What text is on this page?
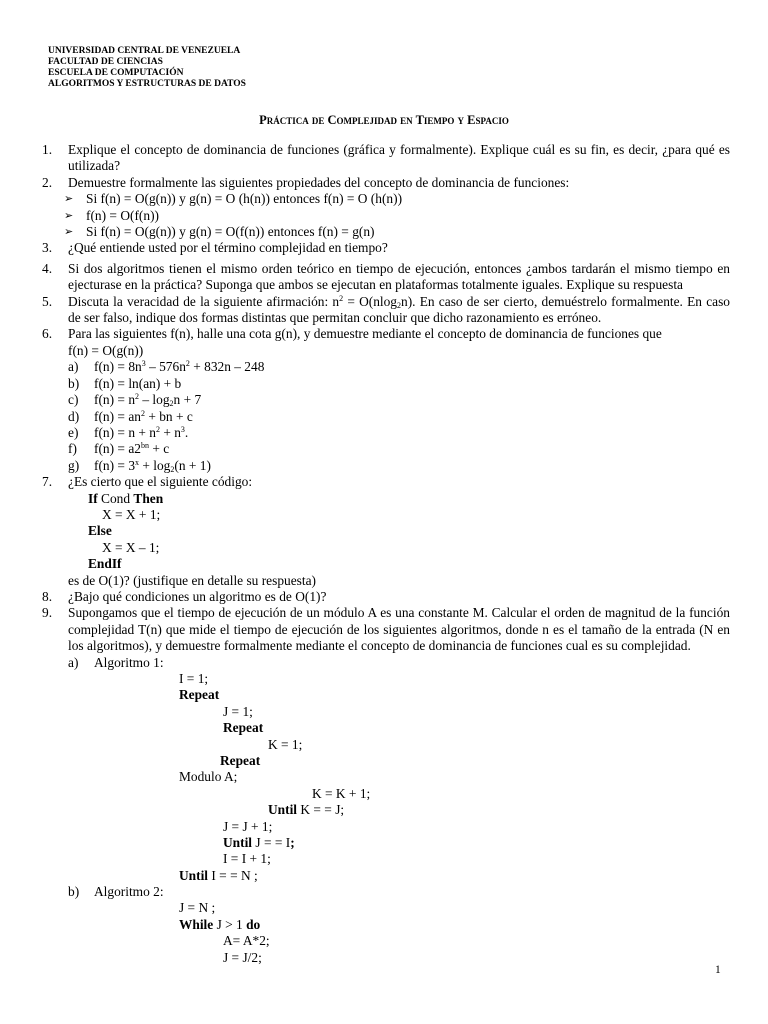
UNIVERSIDAD CENTRAL DE VENEZUELA
FACULTAD DE CIENCIAS
ESCUELA DE COMPUTACIÓN
ALGORITMOS Y ESTRUCTURAS DE DATOS
Práctica de Complejidad en Tiempo y Espacio
1. Explique el concepto de dominancia de funciones (gráfica y formalmente). Explique cuál es su fin, es decir, ¿para qué es utilizada?
2. Demuestre formalmente las siguientes propiedades del concepto de dominancia de funciones:
➢ Si f(n) = O(g(n)) y g(n) = O (h(n)) entonces f(n) = O (h(n))
➢ f(n) = O(f(n))
➢ Si f(n) = O(g(n)) y g(n) = O(f(n)) entonces f(n) = g(n)
3. ¿Qué entiende usted por el término complejidad en tiempo?
4. Si dos algoritmos tienen el mismo orden teórico en tiempo de ejecución, entonces ¿ambos tardarán el mismo tiempo en ejecturase en la práctica? Suponga que ambos se ejecutan en plataformas totalmente iguales. Explique su respuesta
5. Discuta la veracidad de la siguiente afirmación: $n^2 = O(nlog_2n)$. En caso de ser cierto, demuéstrelo formalmente. En caso de ser falso, indique dos formas distintas que permitan concluir que dicho razonamiento es erróneo.
6. Para las siguientes f(n), halle una cota g(n), y demuestre mediante el concepto de dominancia de funciones que
f(n) = O(g(n))
a) $f(n) = 8n^3 - 576n^2 + 832n - 248$
b) f(n) = ln(an) + b
c) $f(n) = n^2 - \log_2n + 7$
d) $f(n) = an^2$ + bn + c
e) $f(n) = n + n^2 + n^3$.
f) $f(n) = a2^{bn} + c$
g) $f(n) = 3^x + \log_2(n + 1)$
7. ¿Es cierto que el siguiente código:
If Cond Then
X = X + 1;
Else
X = X – 1;
EndIf
es de O(1)? (justifique en detalle su respuesta)
8. ¿Bajo qué condiciones un algoritmo es de O(1)?
9. Supongamos que el tiempo de ejecución de un módulo A es una constante M. Calcular el orden de magnitud de la función complejidad T(n) que mide el tiempo de ejecución de los siguientes algoritmos, donde n es el tamaño de la entrada (N en los algoritmos), y demuestre formalmente mediante el concepto de dominancia de funciones cual es su complejidad.
a) Algoritmo 1:
I = 1;
Repeat
J = 1;
Repeat
K = 1;
Repeat
Modulo A;
K = K + 1;
Until K = = J;
J = J + 1;
Until J = = I;
I = I + 1;
Until I = = N ;
b) Algoritmo 2:
J = N ;
While J > 1 do
A= A*2;
J = J/2;
1
